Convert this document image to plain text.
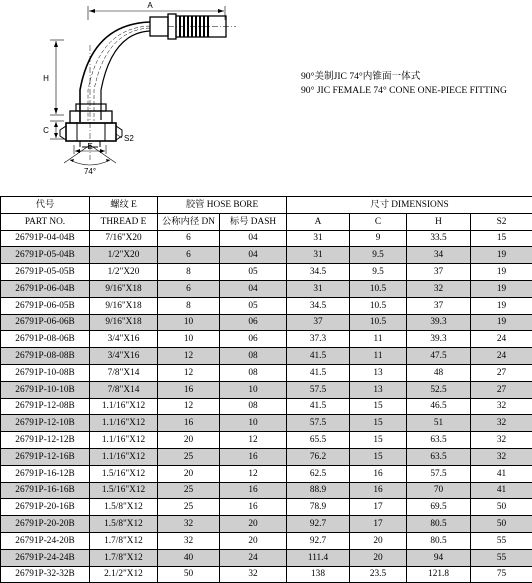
A
H
C
E
S2
74°
90°美制JIC 74°内锥面一体式
90° JIC FEMALE 74° CONE ONE-PIECE FITTING
代号	螺纹 E	胶管 HOSE BORE		尺寸 DIMENSIONS			
PART NO.	THREAD E	公称内径 DN	标号 DASH	A	C	H	S2
26791P-04-04B	7/16"X20	6	04	31	9	33.5	15
26791P-05-04B	1/2"X20	6	04	31	9.5	34	19
26791P-05-05B	1/2"X20	8	05	34.5	9.5	37	19
26791P-06-04B	9/16"X18	6	04	31	10.5	32	19
26791P-06-05B	9/16"X18	8	05	34.5	10.5	37	19
26791P-06-06B	9/16"X18	10	06	37	10.5	39.3	19
26791P-08-06B	3/4"X16	10	06	37.3	11	39.3	24
26791P-08-08B	3/4"X16	12	08	41.5	11	47.5	24
26791P-10-08B	7/8"X14	12	08	41.5	13	48	27
26791P-10-10B	7/8"X14	16	10	57.5	13	52.5	27
26791P-12-08B	1.1/16"X12	12	08	41.5	15	46.5	32
26791P-12-10B	1.1/16"X12	16	10	57.5	15	51	32
26791P-12-12B	1.1/16"X12	20	12	65.5	15	63.5	32
26791P-12-16B	1.1/16"X12	25	16	76.2	15	63.5	32
26791P-16-12B	1.5/16"X12	20	12	62.5	16	57.5	41
26791P-16-16B	1.5/16"X12	25	16	88.9	16	70	41
26791P-20-16B	1.5/8"X12	25	16	78.9	17	69.5	50
26791P-20-20B	1.5/8"X12	32	20	92.7	17	80.5	50
26791P-24-20B	1.7/8"X12	32	20	92.7	20	80.5	55
26791P-24-24B	1.7/8"X12	40	24	111.4	20	94	55
26791P-32-32B	2.1/2"X12	50	32	138	23.5	121.8	75
